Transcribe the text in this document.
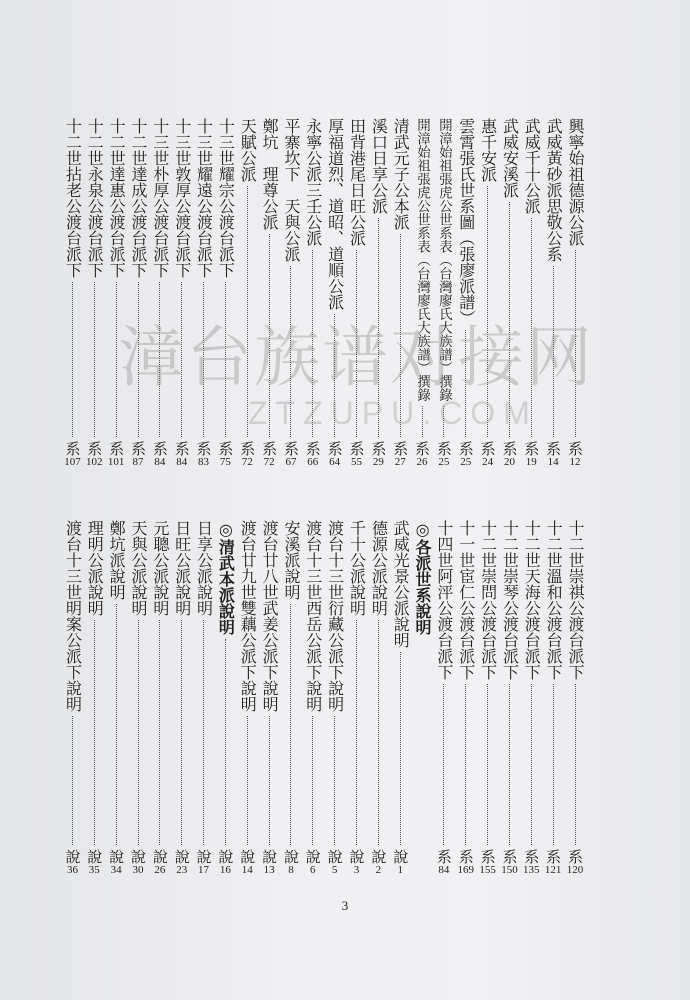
興寧始祖德源公派
系
12
武威黃砂派思敬公系
系
14
武威千十公派
系
19
武威安溪派
系
20
惠千安派
系
24
雲霄張氏世系圖（張廖派譜）
系
25
開漳始祖張虎公世系表（台灣廖氏大族譜）撰錄
系
25
開漳始祖張虎公世系表（台灣廖氏大族譜）撰錄
系
26
清武元子公本派
系
27
溪口日享公派
系
29
田背港尾日旺公派
系
55
厚福道烈、道昭、道順公派
系
64
永寧公派三壬公派
系
66
平寨坎下　天與公派
系
67
鄭坑　理尊公派
系
72
天賦公派
系
72
十三世耀宗公渡台派下
系
75
十三世耀遠公渡台派下
系
83
十三世敦厚公渡台派下
系
84
十三世朴厚公渡台派下
系
84
十二世達成公渡台派下
系
87
十二世達惠公渡台派下
系
101
十二世永泉公渡台派下
系
102
十二世拈老公渡台派下
系
107
十二世崇祺公渡台派下
系
120
十二世溫和公渡台派下
系
121
十二世天海公渡台派下
系
135
十二世崇琴公渡台派下
系
150
十二世崇問公渡台派下
系
155
十一世宦仁公渡台派下
系
169
十四世阿泙公渡台派下
系
84
◎各派世系說明
武威光景公派說明
說
1
德源公派說明
說
2
千十公派說明
說
3
渡台十三世衍藏公派下說明
說
5
渡台十三世西岳公派下說明
說
6
安溪派說明
說
8
渡台廿八世武姜公派下說明
說
13
渡台廿九世雙藕公派下說明
說
14
◎清武本派說明
說
16
日享公派說明
說
17
日旺公派說明
說
23
元聰公派說明
說
26
天與公派說明
說
30
鄭坑派說明
說
34
理明公派說明
說
35
渡台十三世明案公派下說明
說
36
漳台族谱对接网
ZTZUPU.COM
3
